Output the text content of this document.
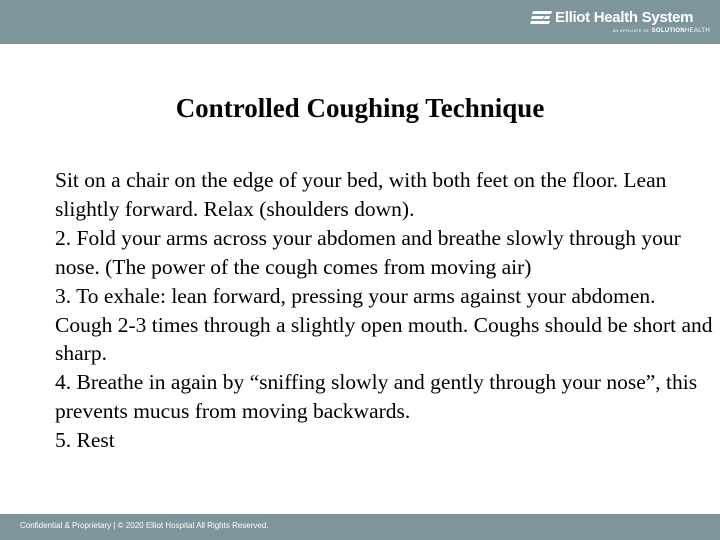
Elliot Health System
AN AFFILIATE OF SOLUTIONHEALTH
Controlled Coughing Technique

Sit on a chair on the edge of your bed, with both feet on the floor. Lean slightly forward. Relax (shoulders down).

2. Fold your arms across your abdomen and breathe slowly through your nose. (The power of the cough comes from moving air)

3. To exhale: lean forward, pressing your arms against your abdomen. Cough 2-3 times through a slightly open mouth. Coughs should be short and sharp.

4. Breathe in again by “sniffing slowly and gently through your nose”, this prevents mucus from moving backwards.

5. Rest

Confidential & Proprietary | © 2020 Elliot Hospital All Rights Reserved.
